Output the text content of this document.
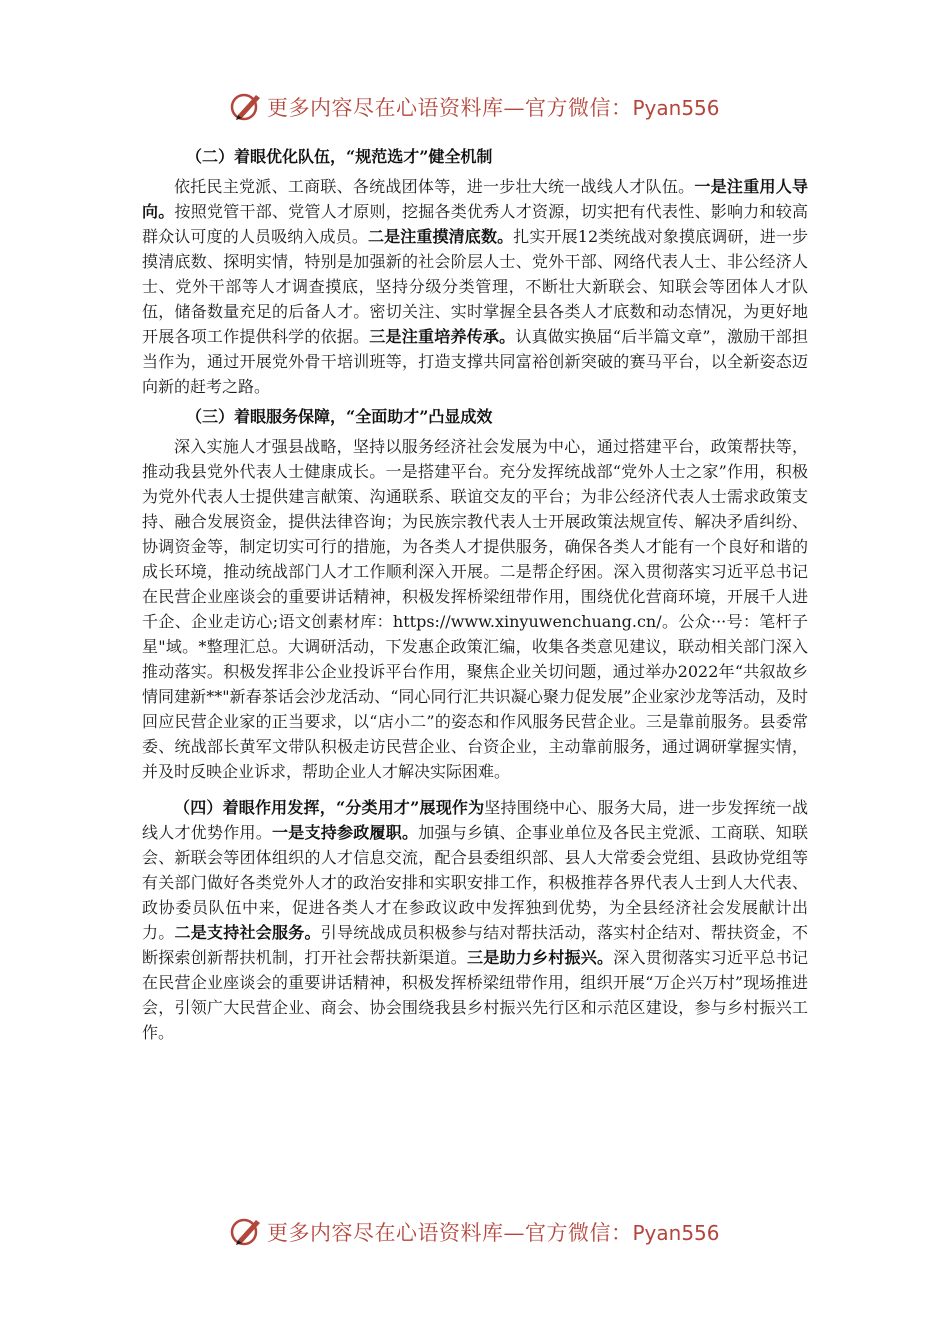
更多内容尽在心语资料库—官方微信：Pyan556
（二）着眼优化队伍，“规范选才”健全机制

依托民主党派、工商联、各统战团体等，进一步壮大统一战线人才队伍。一是注重用人导向。按照党管干部、党管人才原则，挖掘各类优秀人才资源，切实把有代表性、影响力和较高群众认可度的人员吸纳入成员。二是注重摸清底数。扎实开展12类统战对象摸底调研，进一步摸清底数、探明实情，特别是加强新的社会阶层人士、党外干部、网络代表人士、非公经济人士、党外干部等人才调查摸底，坚持分级分类管理，不断壮大新联会、知联会等团体人才队伍，储备数量充足的后备人才。密切关注、实时掌握全县各类人才底数和动态情况，为更好地开展各项工作提供科学的依据。三是注重培养传承。认真做实换届“后半篇文章”，激励干部担当作为，通过开展党外骨干培训班等，打造支撑共同富裕创新突破的赛马平台，以全新姿态迈向新的赶考之路。

（三）着眼服务保障，“全面助才”凸显成效

深入实施人才强县战略，坚持以服务经济社会发展为中心，通过搭建平台，政策帮扶等，推动我县党外代表人士健康成长。一是搭建平台。充分发挥统战部“党外人士之家”作用，积极为党外代表人士提供建言献策、沟通联系、联谊交友的平台；为非公经济代表人士需求政策支持、融合发展资金，提供法律咨询；为民族宗教代表人士开展政策法规宣传、解决矛盾纠纷、协调资金等，制定切实可行的措施，为各类人才提供服务，确保各类人才能有一个良好和谐的成长环境，推动统战部门人才工作顺利深入开展。二是帮企纾困。深入贯彻落实习近平总书记在民营企业座谈会的重要讲话精神，积极发挥桥梁纽带作用，围绕优化营商环境，开展千人进千企、企业走访心;语文创素材库：https://www.xinyuwenchuang.cn/。公众···号：笔杆子星"域。*整理汇总。大调研活动，下发惠企政策汇编，收集各类意见建议，联动相关部门深入推动落实。积极发挥非公企业投诉平台作用，聚焦企业关切问题，通过举办2022年“共叙故乡情同建新**"新春茶话会沙龙活动、“同心同行汇共识凝心聚力促发展”企业家沙龙等活动，及时回应民营企业家的正当要求，以“店小二”的姿态和作风服务民营企业。三是靠前服务。县委常委、统战部长黄军文带队积极走访民营企业、台资企业，主动靠前服务，通过调研掌握实情，并及时反映企业诉求，帮助企业人才解决实际困难。

（四）着眼作用发挥，“分类用才”展现作为坚持围绕中心、服务大局，进一步发挥统一战线人才优势作用。一是支持参政履职。加强与乡镇、企事业单位及各民主党派、工商联、知联会、新联会等团体组织的人才信息交流，配合县委组织部、县人大常委会党组、县政协党组等有关部门做好各类党外人才的政治安排和实职安排工作，积极推荐各界代表人士到人大代表、政协委员队伍中来，促进各类人才在参政议政中发挥独到优势，为全县经济社会发展献计出力。二是支持社会服务。引导统战成员积极参与结对帮扶活动，落实村企结对、帮扶资金，不断探索创新帮扶机制，打开社会帮扶新渠道。三是助力乡村振兴。深入贯彻落实习近平总书记在民营企业座谈会的重要讲话精神，积极发挥桥梁纽带作用，组织开展“万企兴万村”现场推进会，引领广大民营企业、商会、协会围绕我县乡村振兴先行区和示范区建设，参与乡村振兴工作。

更多内容尽在心语资料库—官方微信：Pyan556
